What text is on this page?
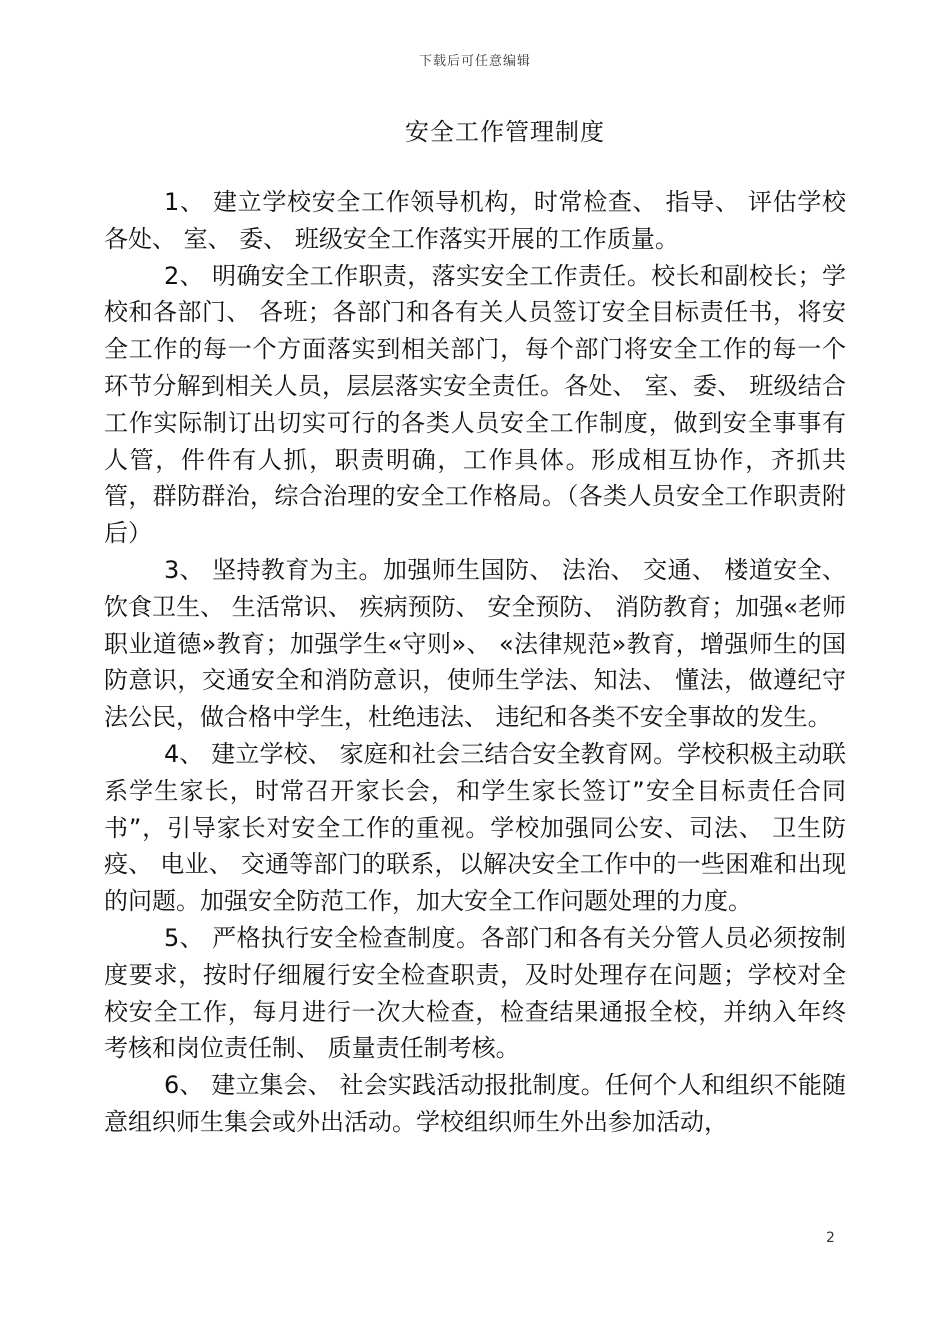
下载后可任意编辑
安全工作管理制度

1、 建立学校安全工作领导机构，时常检查、 指导、 评估学校各处、 室、 委、 班级安全工作落实开展的工作质量。

2、 明确安全工作职责，落实安全工作责任。校长和副校长；学校和各部门、 各班；各部门和各有关人员签订安全目标责任书，将安全工作的每一个方面落实到相关部门，每个部门将安全工作的每一个环节分解到相关人员，层层落实安全责任。各处、 室、委、 班级结合工作实际制订出切实可行的各类人员安全工作制度，做到安全事事有人管，件件有人抓，职责明确，工作具体。形成相互协作，齐抓共管，群防群治，综合治理的安全工作格局。（各类人员安全工作职责附后）

3、 坚持教育为主。加强师生国防、 法治、 交通、 楼道安全、 饮食卫生、 生活常识、 疾病预防、 安全预防、 消防教育；加强«老师职业道德»教育；加强学生«守则»、 «法律规范»教育，增强师生的国防意识，交通安全和消防意识，使师生学法、知法、 懂法，做遵纪守法公民，做合格中学生，杜绝违法、 违纪和各类不安全事故的发生。

4、 建立学校、 家庭和社会三结合安全教育网。学校积极主动联系学生家长，时常召开家长会，和学生家长签订”安全目标责任合同书”，引导家长对安全工作的重视。学校加强同公安、司法、 卫生防疫、 电业、 交通等部门的联系，以解决安全工作中的一些困难和出现的问题。加强安全防范工作，加大安全工作问题处理的力度。

5、 严格执行安全检查制度。各部门和各有关分管人员必须按制度要求，按时仔细履行安全检查职责，及时处理存在问题；学校对全校安全工作，每月进行一次大检查，检查结果通报全校，并纳入年终考核和岗位责任制、 质量责任制考核。

6、 建立集会、 社会实践活动报批制度。任何个人和组织不能随意组织师生集会或外出活动。学校组织师生外出参加活动，

2
